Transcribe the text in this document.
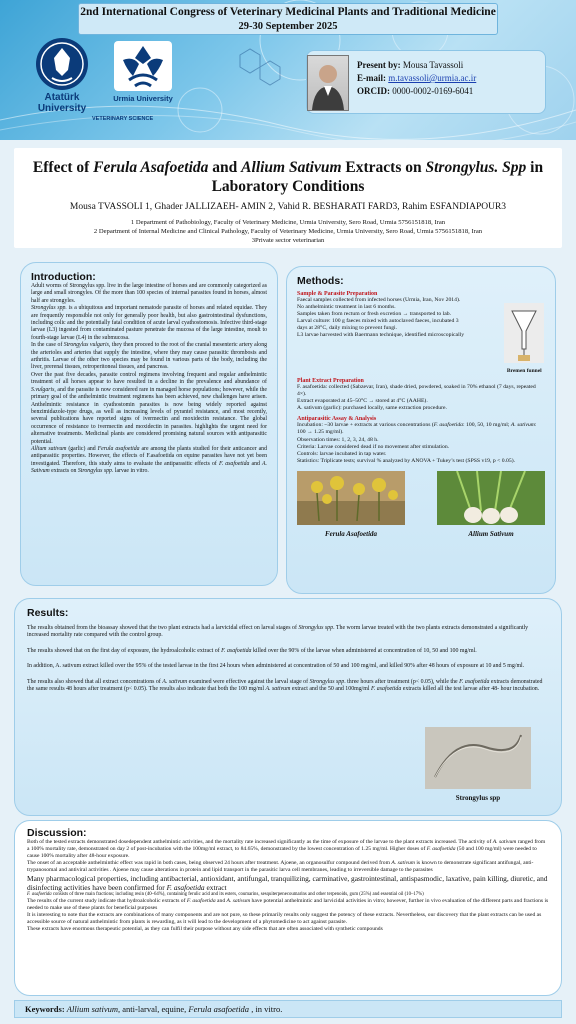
2nd International Congress of Veterinary Medicinal Plants and Traditional Medicine
29-30 September 2025
Atatürk University
Urmia University
VETERINARY SCIENCE
Present by: Mousa Tavassoli
E-mail: m.tavassoli@urmia.ac.ir
ORCID: 0000-0002-0169-6041
Effect of Ferula Asafoetida and Allium Sativum Extracts on Strongylus. Spp in Laboratory Conditions
Mousa TVASSOLI 1, Ghader JALLIZAEH- AMIN 2, Vahid R. BESHARATI FARD3, Rahim ESFANDIAPOUR3
1 Department of Pathobiology, Faculty of Veterinary Medicine, Urmia University, Sero Road, Urmia 5756151818, Iran
2 Department of Internal Medicine and Clinical Pathology, Faculty of Veterinary Medicine, Urmia University, Sero Road, Urmia 5756151818, Iran
3Private sector veterinarian
Introduction:

Adult worms of Strongylus spp. live in the large intestine of horses and are commonly categorized as large and small strongyles. Of the more than 100 species of internal parasites found in horses, almost half are strongyles.

Strongylus spp. is a ubiquitous and important nematode parasite of horses and related equidae. They are frequently responsible not only for generally poor health, but also gastrointestinal dysfunctions, including colic and the potentially fatal condition of acute larval cyathostomosis. Infective third-stage larvae (L3) ingested from contaminated pasture penetrate the mucosa of the large intestine, moult to fourth-stage larvae (L4) in the submucosa.

In the case of Strongylus vulgaris, they then proceed to the root of the cranial mesenteric artery along the arterioles and arteries that supply the intestine, where they may cause parasitic thrombosis and arthritis. Larvae of the other two species may be found in various parts of the body, including the liver, prerenal tissues, retroperitoneal tissues, and pancreas.

Over the past five decades, parasite control regimens involving frequent and regular anthelmintic treatment of all horses appear to have resulted in a decline in the prevalence and abundance of S.vulgaris, and the parasite is now considered rare in managed horse populations; however, while the primary goal of the anthelmintic treatment regimens has been achieved, new challenges have arisen. Anthelmintic resistance in cyathostomin parasites is now being widely reported against benzimidazole-type drugs, as well as increasing levels of pyrantel resistance, and most recently, several publications have reported signs of ivermectin and moxidectin resistance. The global occurrence of resistance to ivermectin and moxidectin in parasites. highlights the urgent need for alternative treatments. Medicinal plants are considered promising natural sources with antiparasitic potential.

Allium sativum (garlic) and Ferula asafoetida are among the plants studied for their anticancer and antiparasitic properties. However, the effects of F.asafoetida on equine parasites have not yet been investigated. Therefore, this study aims to evaluate the antiparasitic effects of F. asafoetida and A. Sativum extracts on Strongylus spp. larvae in vitro.

Methods:
Sample & Parasite Preparation
Faecal samples collected from infected horses (Urmia, Iran, Nov 2014).
No anthelmintic treatment in last 6 months.
Samples taken from rectum or fresh excretion → transported to lab.
Larval culture: 100 g faeces mixed with autoclaved faeces, incubated 3
days at 28°C, daily mixing to prevent fungi.
L3 larvae harvested with Baermann technique, identified microscopically
Bremen funnel
Plant Extract Preparation
F. asafoetida: collected (Sabzevar, Iran), shade dried, powdered, soaked in 70% ethanol (7 days, repeated 4×).
Extract evaporated at 45–50°C → stored at 4°C (AAHE).
A. sativum (garlic): purchased locally, same extraction procedure.
Antiparasitic Assay & Analysis
Incubation: ~30 larvae + extracts at various concentrations (F. asafoetida: 100, 50, 10 mg/ml; A. sativum: 100 → 1.25 mg/ml).
Observation times: 1, 2, 3, 24, 48 h.
Criteria: Larvae considered dead if no movement after stimulation.
Controls: larvae incubated in tap water.
Statistics: Triplicate tests; survival % analyzed by ANOVA + Tukey’s test (SPSS v19, p < 0.05).
Ferula Asafoetida	Allium Sativum
Results:

The results obtained from the bioassay showed that the two plant extracts had a larvicidal effect on larval stages of Strongylus spp. The worm larvae treated with the two plants extracts demonstrated a significantly increased mortality rate compared with the control group.

The results showed that on the first day of exposure, the hydroalcoholic extract of F. asafoetida killed over the 90% of the larvae when administered at concentration of 10, 50 and 100 mg/ml.

In addition, A. sativum extract killed over the 95% of the tested larvae in the first 24 hours when administered at concentration of 50 and 100 mg/ml, and killed 90% after 48 hours of exposure at 10 and 5 mg/ml.

The results also showed that all extract concentrations of A. sativum examined were effective against the larval stage of Strongylus spp. three hours after treatment (p< 0.05), while the F. asafoetida extracts demonstrated the same results 48 hours after treatment (p< 0.05). The results also indicate that both the 100 mg/ml A. sativum extract and the 50 and 100mg/ml F. asafoetida extracts killed all the test larvae after 48- hour incubation.

Strongylus spp
Discussion:

Both of the tested extracts demonstrated dosedependent anthelmintic activities, and the mortality rate increased significantly as the time of exposure of the larvae to the plant extracts increased. The activity of A. sativum ranged from a 100% mortality rate, demonstrated on day 2 of post-incubation with the 100mg/ml extract, to 84.65%, demonstrated by the lowest concentration of 1.25 mg/ml. Higher doses of F. asafoetida (50 and 100 mg/ml) were needed to cause 100% mortality after 48-hour exposure.

The onset of an acceptable anthelminthic effect was rapid in both cases, being observed 24 hours after treatment. Ajoene, an organosulfur compound derived from A. sativum is known to demonstrate significant antifungal, anti-trypanosomal and antiviral activities . Ajoene may cause alterations in protein and lipid transport in the parasitic larva cell membranes, leading to irreversible damage to the parasites

Many pharmacological properties, including antibacterial, antioxidant, antifungal, tranquilizing, carminative, gastrointestinal, antispasmodic, laxative, pain killing, diuretic, and disinfecting activities have been confirmed for F. asafoetida extract

F. asafoetida consists of three main fractions; including resin (40–64%), containing ferulic acid and its esters, coumarins, sesquiterpenecoumarins and other terpenoids, gum (25%) and essential oil (10–17%)

The results of the current study indicate that hydroalcoholic extracts of F. asafoetida and A. sativum have potential anthelmintic and larvicidal activities in vitro; however, further in vivo evaluation of the different parts and fractions is needed to make use of these plants for beneficial purposes

It is interesting to note that the extracts are combinations of many components and are not pure, so these primarily results only suggest the potency of these extracts. Nevertheless, our discovery that the plant extracts can be used as accessible source of natural anthelmintic from plants is rewarding, as it will lead to the development of a phytomedicine to act against parasite.

These extracts have enormous therapeutic potential, as they can fulfil their purpose without any side effects that are often associated with synthetic compounds

Keywords: Allium sativum, anti-larval, equine, Ferula asafoetida , in vitro.
